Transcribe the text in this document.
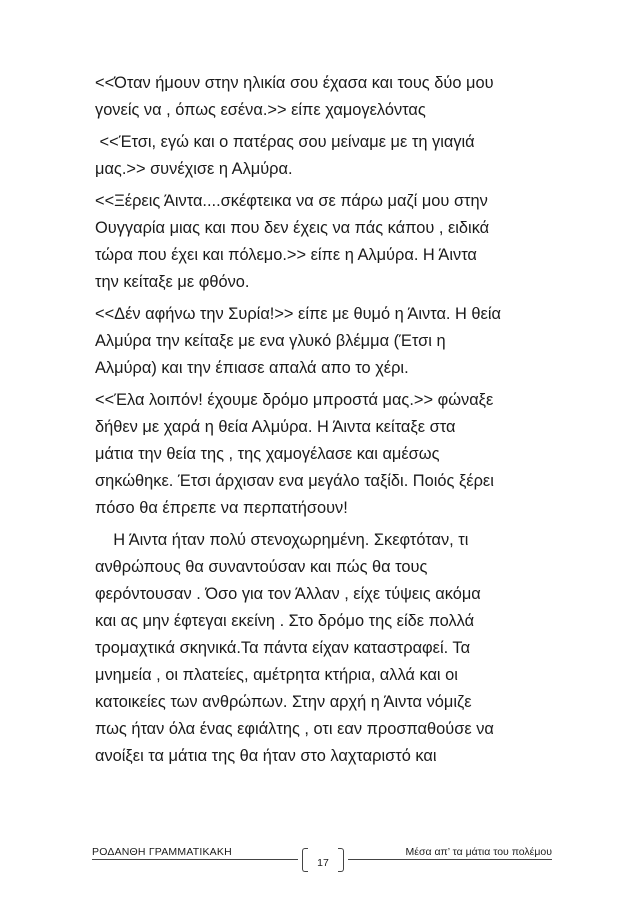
<<Όταν ήμουν στην ηλικία σου έχασα και τους δύο μου
γονείς να , όπως εσένα.>> είπε χαμογελόντας

<<Έτσι, εγώ και ο πατέρας σου μείναμε με τη γιαγιά
μας.>> συνέχισε η Αλμύρα.

<<Ξέρεις Άιντα....σκέφτεικα να σε πάρω μαζί μου στην
Ουγγαρία μιας και που δεν έχεις να πάς κάπου , ειδικά
τώρα που έχει και πόλεμο.>> είπε η Αλμύρα. Η Άιντα
την κείταξε με φθόνο.

<<Δέν αφήνω την Συρία!>> είπε με θυμό η Άιντα. Η θεία
Αλμύρα την κείταξε με ενα γλυκό βλέμμα (Έτσι η
Αλμύρα) και την έπιασε απαλά απο το χέρι.

<<Έλα λοιπόν! έχουμε δρόμο μπροστά μας.>> φώναξε
δήθεν με χαρά η θεία Αλμύρα. Η Άιντα κείταξε στα
μάτια την θεία της , της χαμογέλασε και αμέσως
σηκώθηκε. Έτσι άρχισαν ενα μεγάλο ταξίδι. Ποιός ξέρει
πόσο θα έπρεπε να περπατήσουν!

Η Άιντα ήταν πολύ στενοχωρημένη. Σκεφτόταν, τι
ανθρώπους θα συναντούσαν και πώς θα τους
φερόντουσαν . Όσο για τον Άλλαν , είχε τύψεις ακόμα
και ας μην έφτεγαι εκείνη . Στο δρόμο της είδε πολλά
τρομαχτικά σκηνικά.Τα πάντα είχαν καταστραφεί. Τα
μνημεία , οι πλατείες, αμέτρητα κτήρια, αλλά και οι
κατοικείες των ανθρώπων. Στην αρχή η Άιντα νόμιζε
πως ήταν όλα ένας εφιάλτης , οτι εαν προσπαθούσε να
ανοίξει τα μάτια της θα ήταν στο λαχταριστό και

ΡΟΔΑΝΘΗ ΓΡΑΜΜΑΤΙΚΑΚΗ
17
Μέσα απ’ τα μάτια του πολέμου
